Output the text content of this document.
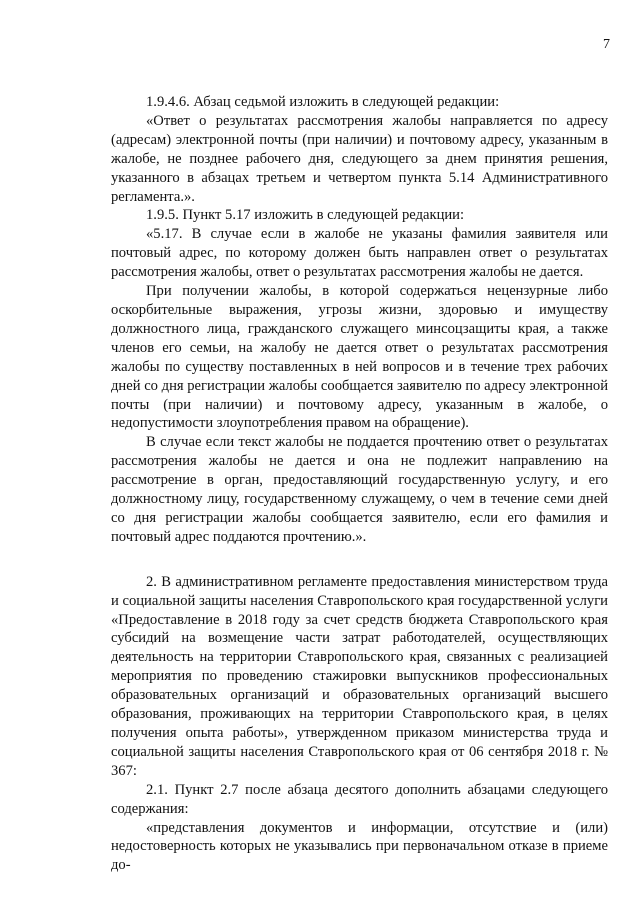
7

1.9.4.6. Абзац седьмой изложить в следующей редакции:

«Ответ о результатах рассмотрения жалобы направляется по адресу (адресам) электронной почты (при наличии) и почтовому адресу, указанным в жалобе, не позднее рабочего дня, следующего за днем принятия решения, указанного в абзацах третьем и четвертом пункта 5.14 Административного регламента.».

1.9.5. Пункт 5.17 изложить в следующей редакции:

«5.17. В случае если в жалобе не указаны фамилия заявителя или почтовый адрес, по которому должен быть направлен ответ о результатах рассмотрения жалобы, ответ о результатах рассмотрения жалобы не дается.

При получении жалобы, в которой содержаться нецензурные либо оскорбительные выражения, угрозы жизни, здоровью и имуществу должностного лица, гражданского служащего минсоцзащиты края, а также членов его семьи, на жалобу не дается ответ о результатах рассмотрения жалобы по существу поставленных в ней вопросов и в течение трех рабочих дней со дня регистрации жалобы сообщается заявителю по адресу электронной почты (при наличии) и почтовому адресу, указанным в жалобе, о недопустимости злоупотребления правом на обращение).

В случае если текст жалобы не поддается прочтению ответ о результатах рассмотрения жалобы не дается и она не подлежит направлению на рассмотрение в орган, предоставляющий государственную услугу, и его должностному лицу, государственному служащему, о чем в течение семи дней со дня регистрации жалобы сообщается заявителю, если его фамилия и почтовый адрес поддаются прочтению.».

2. В административном регламенте предоставления министерством труда и социальной защиты населения Ставропольского края государственной услуги «Предоставление в 2018 году за счет средств бюджета Ставропольского края субсидий на возмещение части затрат работодателей, осуществляющих деятельность на территории Ставропольского края, связанных с реализацией мероприятия по проведению стажировки выпускников профессиональных образовательных организаций и образовательных организаций высшего образования, проживающих на территории Ставропольского края, в целях получения опыта работы», утвержденном приказом министерства труда и социальной защиты населения Ставропольского края от 06 сентября 2018 г. № 367:

2.1. Пункт 2.7 после абзаца десятого дополнить абзацами следующего содержания:

«представления документов и информации, отсутствие и (или) недостоверность которых не указывались при первоначальном отказе в приеме до-
